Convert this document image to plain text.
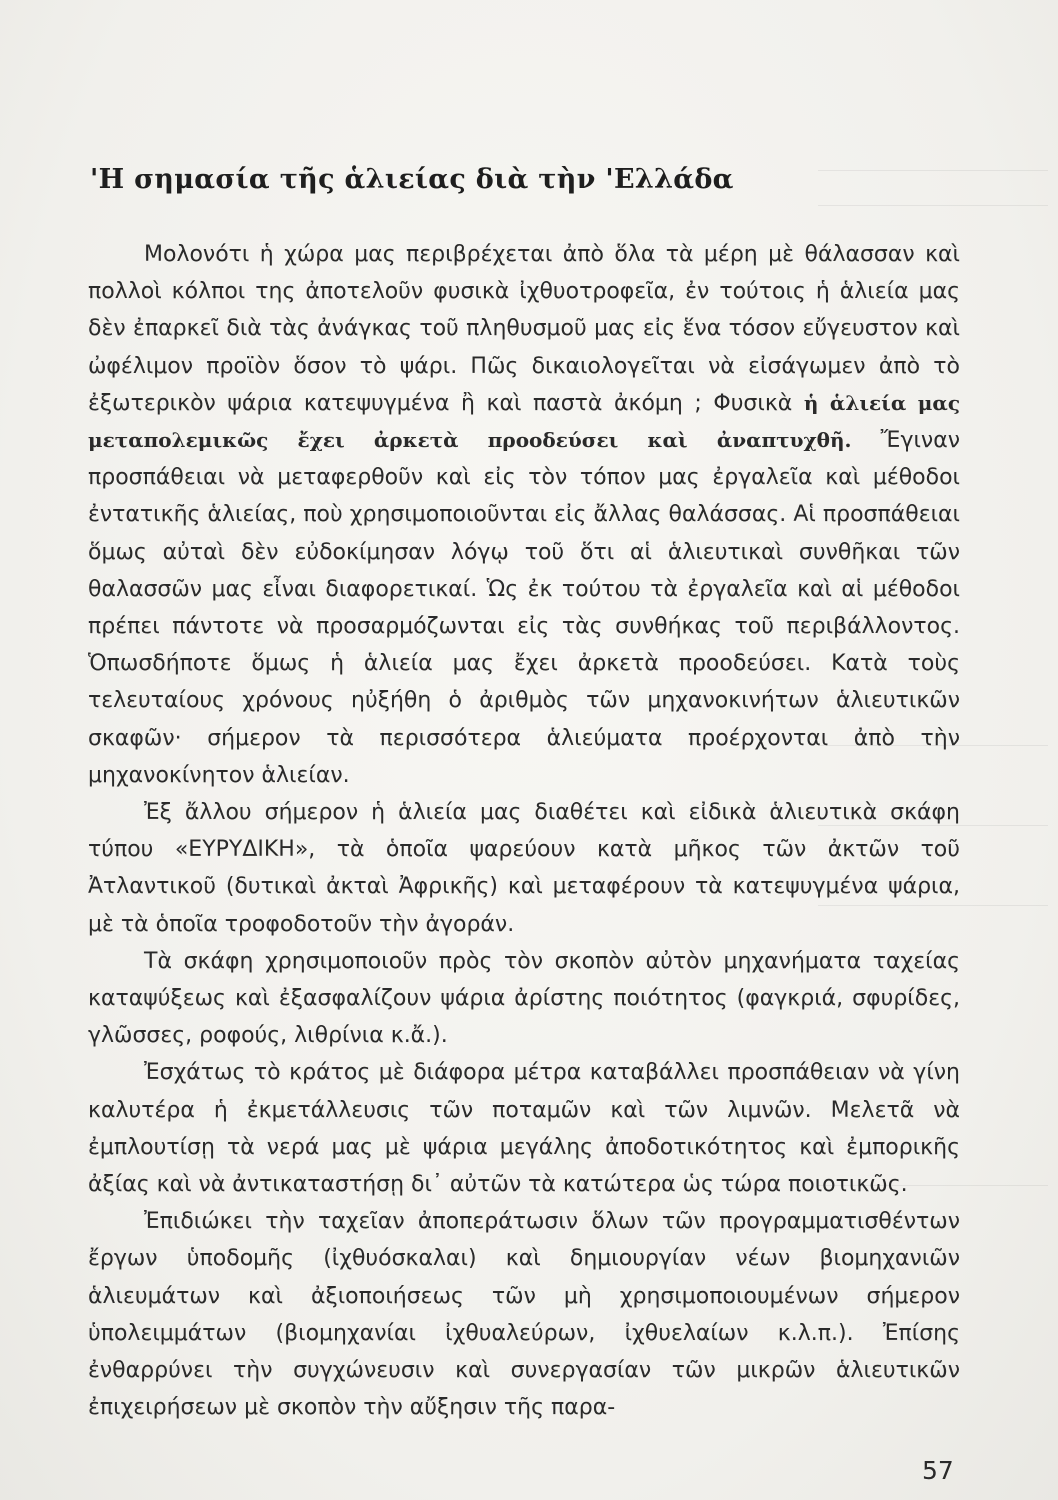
'Η σημασία τῆς ἁλιείας διὰ τὴν 'Ελλάδα

Μολονότι ἡ χώρα μας περιβρέχεται ἀπὸ ὅλα τὰ μέρη μὲ θάλασσαν καὶ πολλοὶ κόλποι της ἀποτελοῦν φυσικὰ ἰχθυοτροφεῖα, ἐν τούτοις ἡ ἁλιεία μας δὲν ἐπαρκεῖ διὰ τὰς ἀνάγκας τοῦ πληθυσμοῦ μας εἰς ἕνα τόσον εὔγευστον καὶ ὠφέλιμον προϊὸν ὅσον τὸ ψάρι. Πῶς δικαιολογεῖται νὰ εἰσάγωμεν ἀπὸ τὸ ἐξωτερικὸν ψάρια κατεψυγμένα ἢ καὶ παστὰ ἀκόμη ; Φυσικὰ ἡ ἁλιεία μας μεταπολεμικῶς ἔχει ἀρκετὰ προοδεύσει καὶ ἀναπτυχθῆ. Ἔγιναν προσπάθειαι νὰ μεταφερθοῦν καὶ εἰς τὸν τόπον μας ἐργαλεῖα καὶ μέθοδοι ἐντατικῆς ἁλιείας, ποὺ χρησιμοποιοῦνται εἰς ἄλλας θαλάσσας. Αἱ προσπάθειαι ὅμως αὐταὶ δὲν εὐδοκίμησαν λόγῳ τοῦ ὅτι αἱ ἁλιευτικαὶ συνθῆκαι τῶν θαλασσῶν μας εἶναι διαφορετικαί. Ὡς ἐκ τούτου τὰ ἐργαλεῖα καὶ αἱ μέθοδοι πρέπει πάντοτε νὰ προσαρμόζωνται εἰς τὰς συνθήκας τοῦ περιβάλλοντος. Ὁπωσδήποτε ὅμως ἡ ἁλιεία μας ἔχει ἀρκετὰ προοδεύσει. Κατὰ τοὺς τελευταίους χρόνους ηὐξήθη ὁ ἀριθμὸς τῶν μηχανοκινήτων ἁλιευτικῶν σκαφῶν· σήμερον τὰ περισσότερα ἁλιεύματα προέρχονται ἀπὸ τὴν μηχανοκίνητον ἁλιείαν.

Ἐξ ἄλλου σήμερον ἡ ἁλιεία μας διαθέτει καὶ εἰδικὰ ἁλιευτικὰ σκάφη τύπου «ΕΥΡΥΔΙΚΗ», τὰ ὁποῖα ψαρεύουν κατὰ μῆκος τῶν ἀκτῶν τοῦ Ἀτλαντικοῦ (δυτικαὶ ἀκταὶ Ἀφρικῆς) καὶ μεταφέρουν τὰ κατεψυγμένα ψάρια, μὲ τὰ ὁποῖα τροφοδοτοῦν τὴν ἀγοράν.

Τὰ σκάφη χρησιμοποιοῦν πρὸς τὸν σκοπὸν αὐτὸν μηχανήματα ταχείας καταψύξεως καὶ ἐξασφαλίζουν ψάρια ἀρίστης ποιότητος (φαγκριά, σφυρίδες, γλῶσσες, ροφούς, λιθρίνια κ.ἄ.).

Ἐσχάτως τὸ κράτος μὲ διάφορα μέτρα καταβάλλει προσπάθειαν νὰ γίνη καλυτέρα ἡ ἐκμετάλλευσις τῶν ποταμῶν καὶ τῶν λιμνῶν. Μελετᾶ νὰ ἐμπλουτίσῃ τὰ νερά μας μὲ ψάρια μεγάλης ἀποδοτικότητος καὶ ἐμπορικῆς ἀξίας καὶ νὰ ἀντικαταστήσῃ δι᾽ αὐτῶν τὰ κατώτερα ὡς τώρα ποιοτικῶς.

Ἐπιδιώκει τὴν ταχεῖαν ἀποπεράτωσιν ὅλων τῶν προγραμματισθέντων ἔργων ὑποδομῆς (ἰχθυόσκαλαι) καὶ δημιουργίαν νέων βιομηχανιῶν ἁλιευμάτων καὶ ἀξιοποιήσεως τῶν μὴ χρησιμοποιουμένων σήμερον ὑπολειμμάτων (βιομηχανίαι ἰχθυαλεύρων, ἰχθυελαίων κ.λ.π.). Ἐπίσης ἐνθαρρύνει τὴν συγχώνευσιν καὶ συνεργασίαν τῶν μικρῶν ἁλιευτικῶν ἐπιχειρήσεων μὲ σκοπὸν τὴν αὔξησιν τῆς παρα-

57
